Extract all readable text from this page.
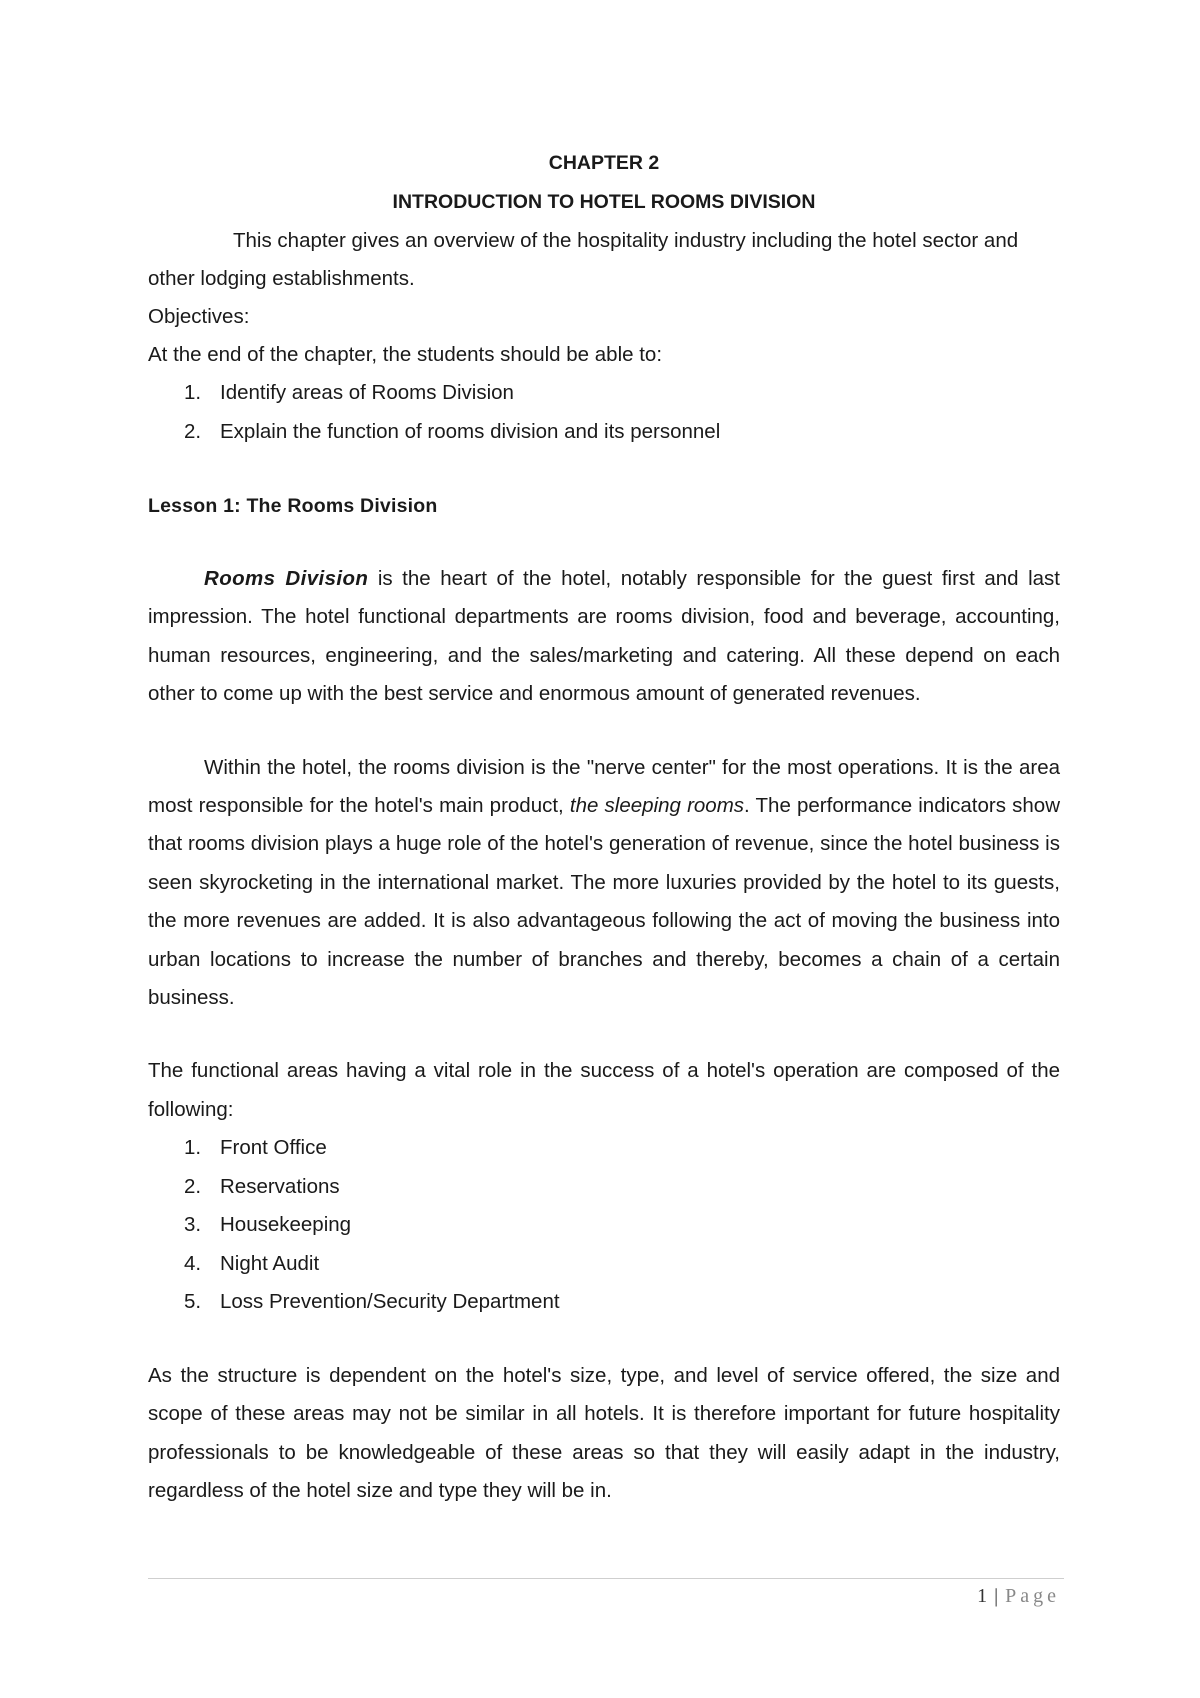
CHAPTER 2
INTRODUCTION TO HOTEL ROOMS DIVISION
This chapter gives an overview of the hospitality industry including the hotel sector and other lodging establishments.
Objectives:
At the end of the chapter, the students should be able to:
1. Identify areas of Rooms Division
2. Explain the function of rooms division and its personnel
Lesson 1: The Rooms Division

Rooms Division is the heart of the hotel, notably responsible for the guest first and last impression. The hotel functional departments are rooms division, food and beverage, accounting, human resources, engineering, and the sales/marketing and catering. All these depend on each other to come up with the best service and enormous amount of generated revenues.

Within the hotel, the rooms division is the "nerve center" for the most operations. It is the area most responsible for the hotel's main product, the sleeping rooms. The performance indicators show that rooms division plays a huge role of the hotel's generation of revenue, since the hotel business is seen skyrocketing in the international market. The more luxuries provided by the hotel to its guests, the more revenues are added. It is also advantageous following the act of moving the business into urban locations to increase the number of branches and thereby, becomes a chain of a certain business.

The functional areas having a vital role in the success of a hotel's operation are composed of the following:

1. Front Office
2. Reservations
3. Housekeeping
4. Night Audit
5. Loss Prevention/Security Department

As the structure is dependent on the hotel's size, type, and level of service offered, the size and scope of these areas may not be similar in all hotels. It is therefore important for future hospitality professionals to be knowledgeable of these areas so that they will easily adapt in the industry, regardless of the hotel size and type they will be in.

1 | Page
